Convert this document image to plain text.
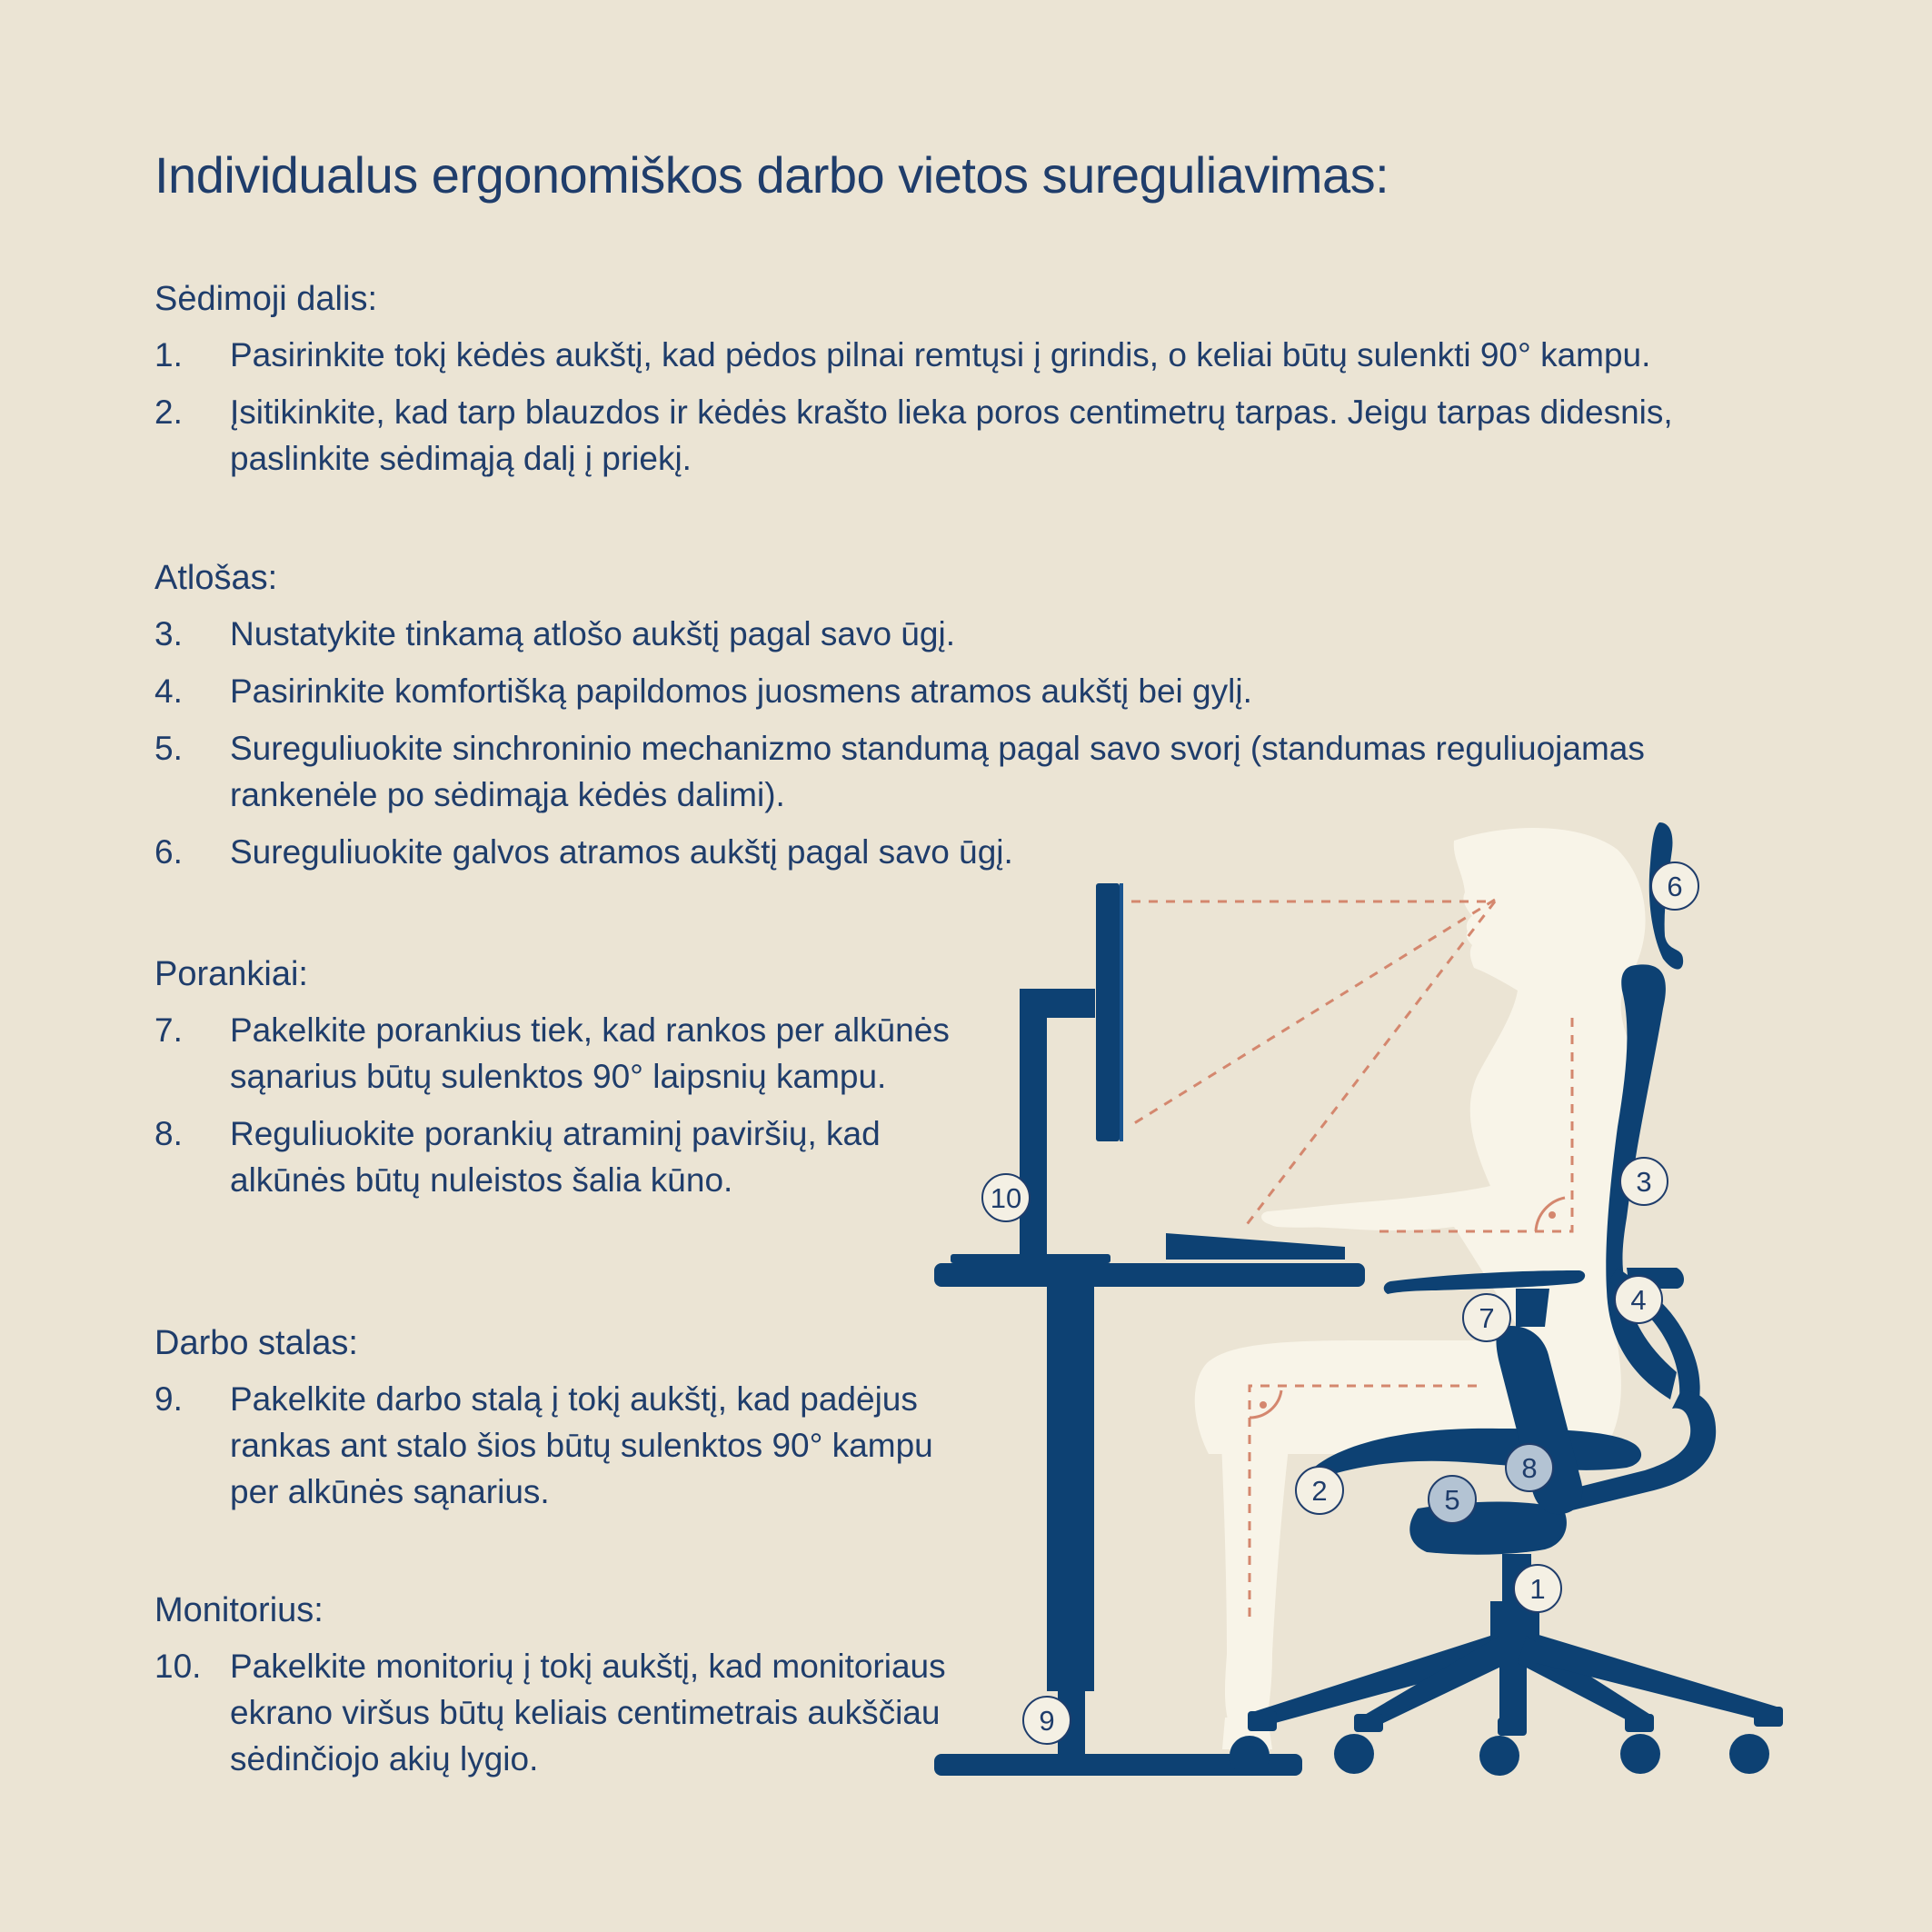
Individualus ergonomiškos darbo vietos sureguliavimas:
Sėdimoji dalis:
1.	Pasirinkite tokį kėdės aukštį, kad pėdos pilnai remtųsi į grindis, o keliai būtų sulenkti 90° kampu.
2.	Įsitikinkite, kad tarp blauzdos ir kėdės krašto lieka poros centimetrų tarpas. Jeigu tarpas didesnis, paslinkite sėdimąją dalį į priekį.
Atlošas:
3.	Nustatykite tinkamą atlošo aukštį pagal savo ūgį.
4.	Pasirinkite komfortišką papildomos juosmens atramos aukštį bei gylį.
5.	Sureguliuokite sinchroninio mechanizmo standumą pagal savo svorį (standumas reguliuojamas rankenėle po sėdimąja kėdės dalimi).
6.	Sureguliuokite galvos atramos aukštį pagal savo ūgį.
Porankiai:
7.	Pakelkite porankius tiek, kad rankos per alkūnės sąnarius būtų sulenktos 90° laipsnių kampu.
8.	Reguliuokite porankių atraminį paviršių, kad alkūnės būtų nuleistos šalia kūno.
Darbo stalas:
9.	Pakelkite darbo stalą į tokį aukštį, kad padėjus rankas ant stalo šios būtų sulenktos 90° kampu per alkūnės sąnarius.
Monitorius:
10. Pakelkite monitorių į tokį aukštį, kad monitoriaus ekrano viršus būtų keliais centimetrais aukščiau sėdinčiojo akių lygio.
1
2
3
4
5
6
7
8
9
10
